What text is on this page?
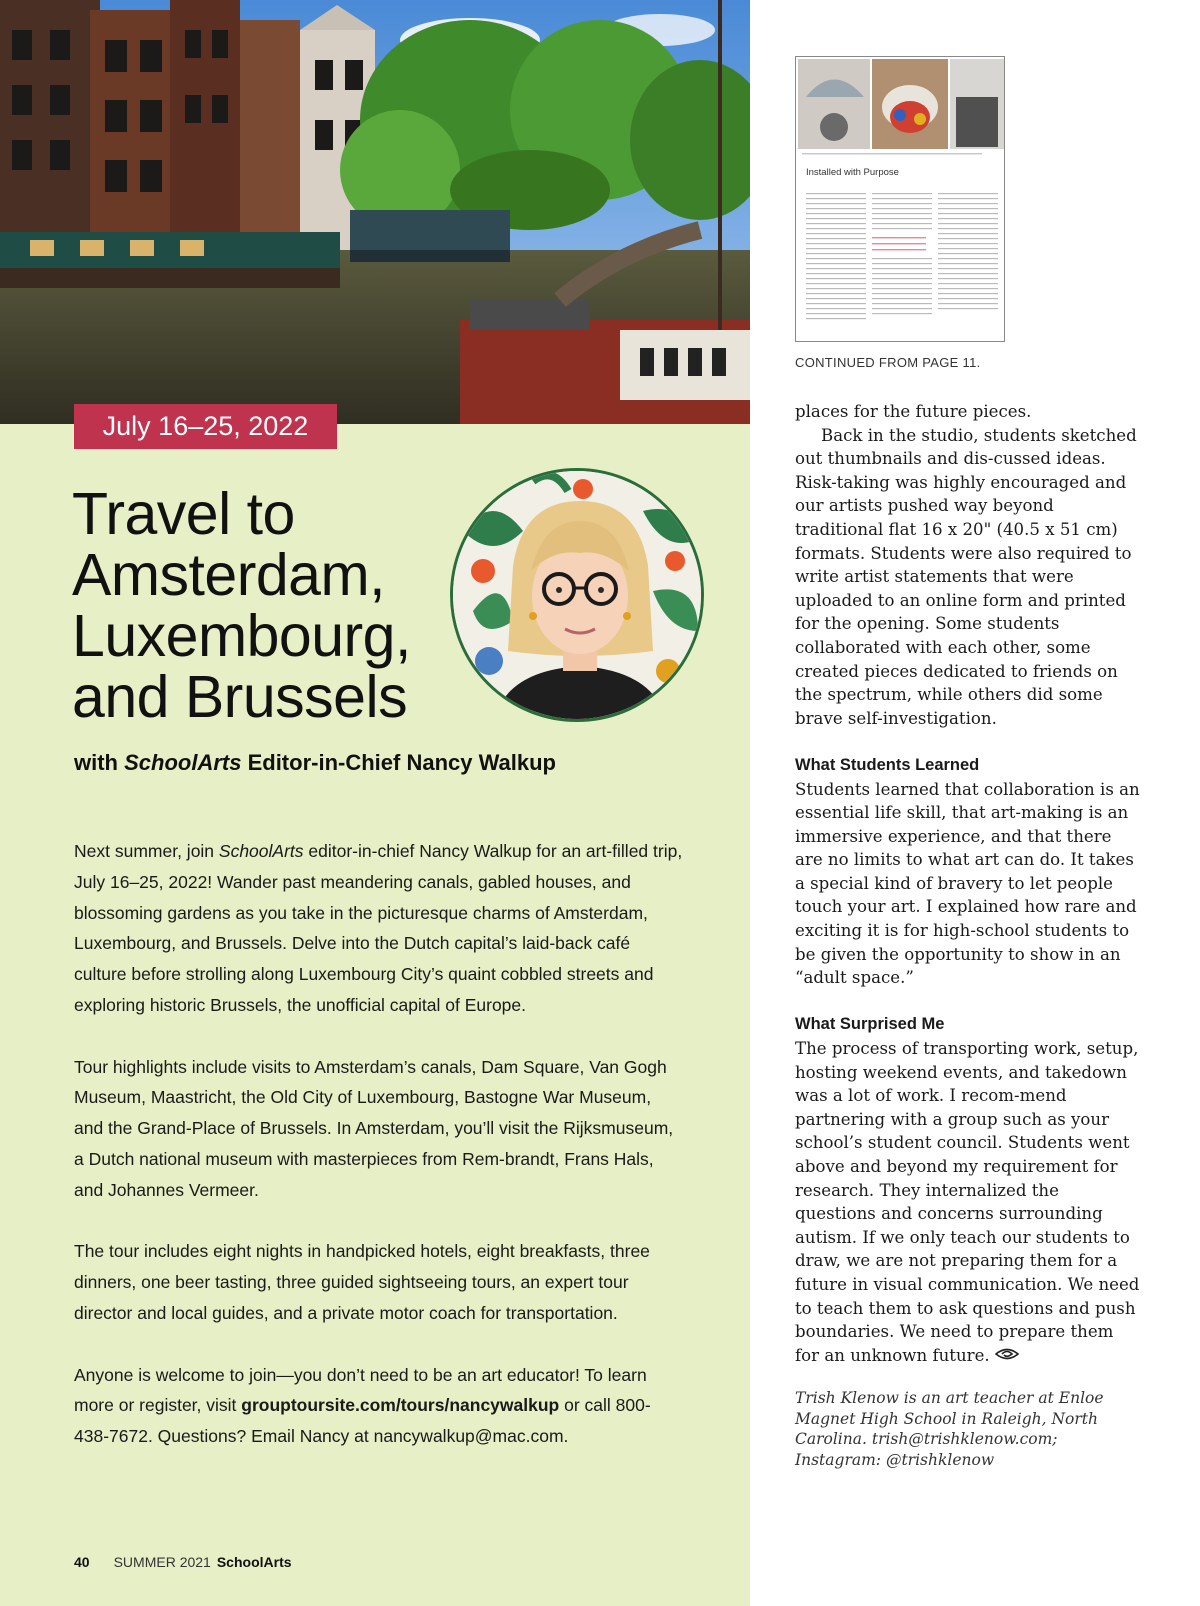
July 16–25, 2022
Travel to
Amsterdam,
Luxembourg,
and Brussels
with SchoolArts Editor-in-Chief Nancy Walkup

Next summer, join SchoolArts editor-in-chief Nancy Walkup for an art-filled trip, July 16–25, 2022! Wander past meandering canals, gabled houses, and blossoming gardens as you take in the picturesque charms of Amsterdam, Luxembourg, and Brussels. Delve into the Dutch capital’s laid-back café culture before strolling along Luxembourg City’s quaint cobbled streets and exploring historic Brussels, the unofficial capital of Europe.

Tour highlights include visits to Amsterdam’s canals, Dam Square, Van Gogh Museum, Maastricht, the Old City of Luxembourg, Bastogne War Museum, and the Grand-Place of Brussels. In Amsterdam, you’ll visit the Rijksmuseum, a Dutch national museum with masterpieces from Rem-brandt, Frans Hals, and Johannes Vermeer.

The tour includes eight nights in handpicked hotels, eight breakfasts, three dinners, one beer tasting, three guided sightseeing tours, an expert tour director and local guides, and a private motor coach for transportation.

Anyone is welcome to join—you don’t need to be an art educator! To learn more or register, visit grouptoursite.com/tours/nancywalkup or call 800-438-7672. Questions? Email Nancy at nancywalkup@mac.com.

40 SUMMER 2021 SchoolArts
Installed with Purpose
CONTINUED FROM PAGE 11.

places for the future pieces.

Back in the studio, students sketched out thumbnails and dis-cussed ideas. Risk-taking was highly encouraged and our artists pushed way beyond traditional flat 16 x 20" (40.5 x 51 cm) formats. Students were also required to write artist statements that were uploaded to an online form and printed for the opening. Some students collaborated with each other, some created pieces dedicated to friends on the spectrum, while others did some brave self-investigation.

What Students Learned

Students learned that collaboration is an essential life skill, that art-making is an immersive experience, and that there are no limits to what art can do. It takes a special kind of bravery to let people touch your art. I explained how rare and exciting it is for high-school students to be given the opportunity to show in an “adult space.”

What Surprised Me

The process of transporting work, setup, hosting weekend events, and takedown was a lot of work. I recom-mend partnering with a group such as your school’s student council. Students went above and beyond my requirement for research. They internalized the questions and concerns surrounding autism. If we only teach our students to draw, we are not preparing them for a future in visual communication. We need to teach them to ask questions and push boundaries. We need to prepare them for an unknown future.

Trish Klenow is an art teacher at Enloe Magnet High School in Raleigh, North Carolina. trish@trishklenow.com; Instagram: @trishklenow
